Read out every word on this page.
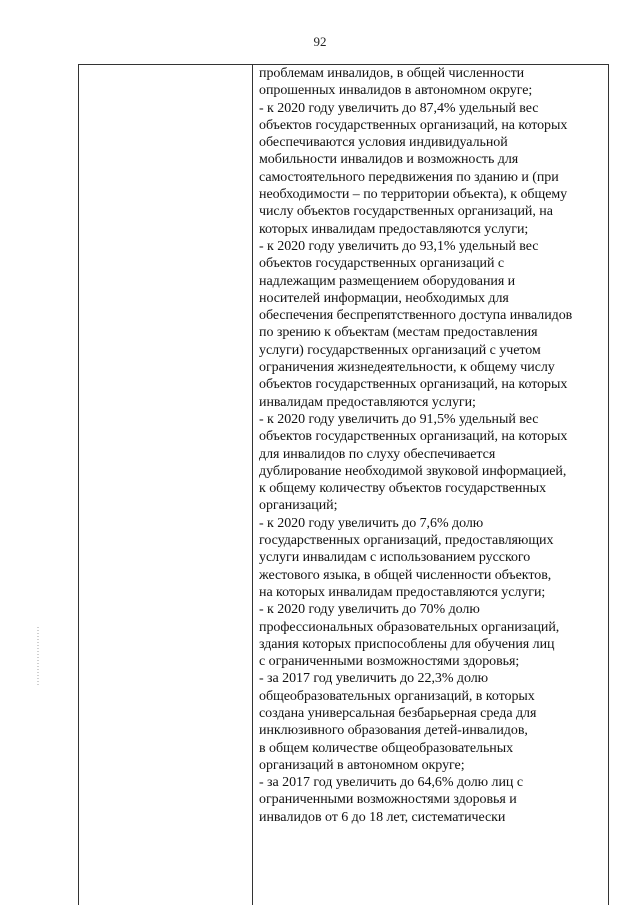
92

проблемам инвалидов, в общей численности
опрошенных инвалидов в автономном округе;
- к 2020 году увеличить до 87,4% удельный вес
объектов государственных организаций, на которых
обеспечиваются условия индивидуальной
мобильности инвалидов и возможность для
самостоятельного передвижения по зданию и (при
необходимости – по территории объекта), к общему
числу объектов государственных организаций, на
которых инвалидам предоставляются услуги;
- к 2020 году увеличить до 93,1% удельный вес
объектов государственных организаций с
надлежащим размещением оборудования и
носителей информации, необходимых для
обеспечения беспрепятственного доступа инвалидов
по зрению к объектам (местам предоставления
услуги) государственных организаций с учетом
ограничения жизнедеятельности, к общему числу
объектов государственных организаций, на которых
инвалидам предоставляются услуги;
- к 2020 году увеличить до 91,5% удельный вес
объектов государственных организаций, на которых
для инвалидов по слуху обеспечивается
дублирование необходимой звуковой информацией,
к общему количеству объектов государственных
организаций;
- к 2020 году увеличить до 7,6% долю
государственных организаций, предоставляющих
услуги инвалидам с использованием русского
жестового языка, в общей численности объектов,
на которых инвалидам предоставляются услуги;
- к 2020 году увеличить до 70% долю
профессиональных образовательных организаций,
здания которых приспособлены для обучения лиц
с ограниченными возможностями здоровья;
- за 2017 год увеличить до 22,3% долю
общеобразовательных организаций, в которых
создана универсальная безбарьерная среда для
инклюзивного образования детей-инвалидов,
в общем количестве общеобразовательных
организаций в автономном округе;
- за 2017 год увеличить до 64,6% долю лиц с
ограниченными возможностями здоровья и
инвалидов от 6 до 18 лет, систематически
